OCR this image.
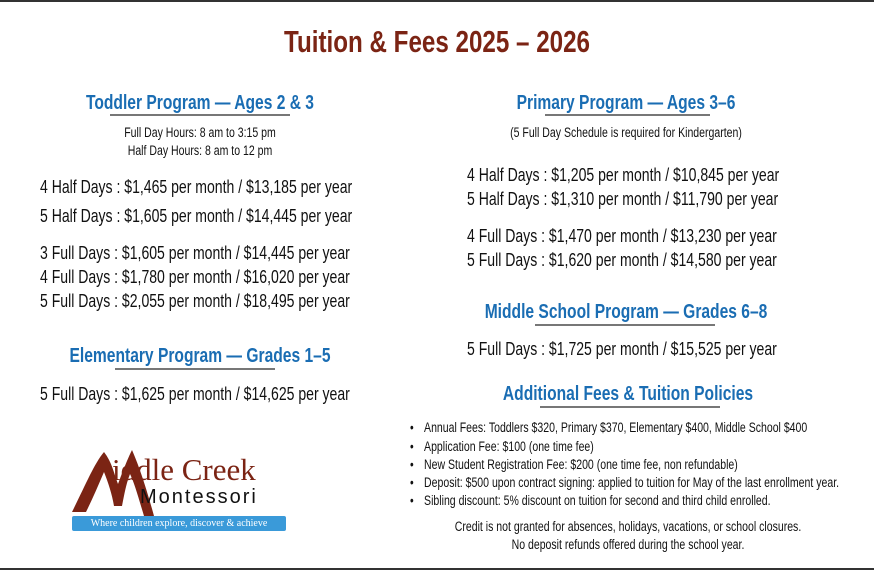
Tuition & Fees 2025 – 2026
Toddler Program — Ages 2 & 3
Full Day Hours: 8 am to 3:15 pm
Half Day Hours: 8 am to 12 pm
4 Half Days : $1,465 per month / $13,185 per year
5 Half Days : $1,605 per month / $14,445 per year
3 Full Days : $1,605 per month / $14,445 per year
4 Full Days : $1,780 per month / $16,020 per year
5 Full Days : $2,055 per month / $18,495 per year
Elementary Program — Grades 1–5
5 Full Days : $1,625 per month / $14,625 per year
iddle Creek
Montessori
Where children explore, discover & achieve
Primary Program — Ages 3–6
(5 Full Day Schedule is required for Kindergarten)
4 Half Days : $1,205 per month / $10,845 per year
5 Half Days : $1,310 per month / $11,790 per year
4 Full Days : $1,470 per month / $13,230 per year
5 Full Days : $1,620 per month / $14,580 per year
Middle School Program — Grades 6–8
5 Full Days : $1,725 per month / $15,525 per year
Additional Fees & Tuition Policies
• Annual Fees: Toddlers $320, Primary $370, Elementary $400, Middle School $400
• Application Fee: $100 (one time fee)
• New Student Registration Fee: $200 (one time fee, non refundable)
• Deposit: $500 upon contract signing: applied to tuition for May of the last enrollment year.
• Sibling discount: 5% discount on tuition for second and third child enrolled.
Credit is not granted for absences, holidays, vacations, or school closures.
No deposit refunds offered during the school year.
